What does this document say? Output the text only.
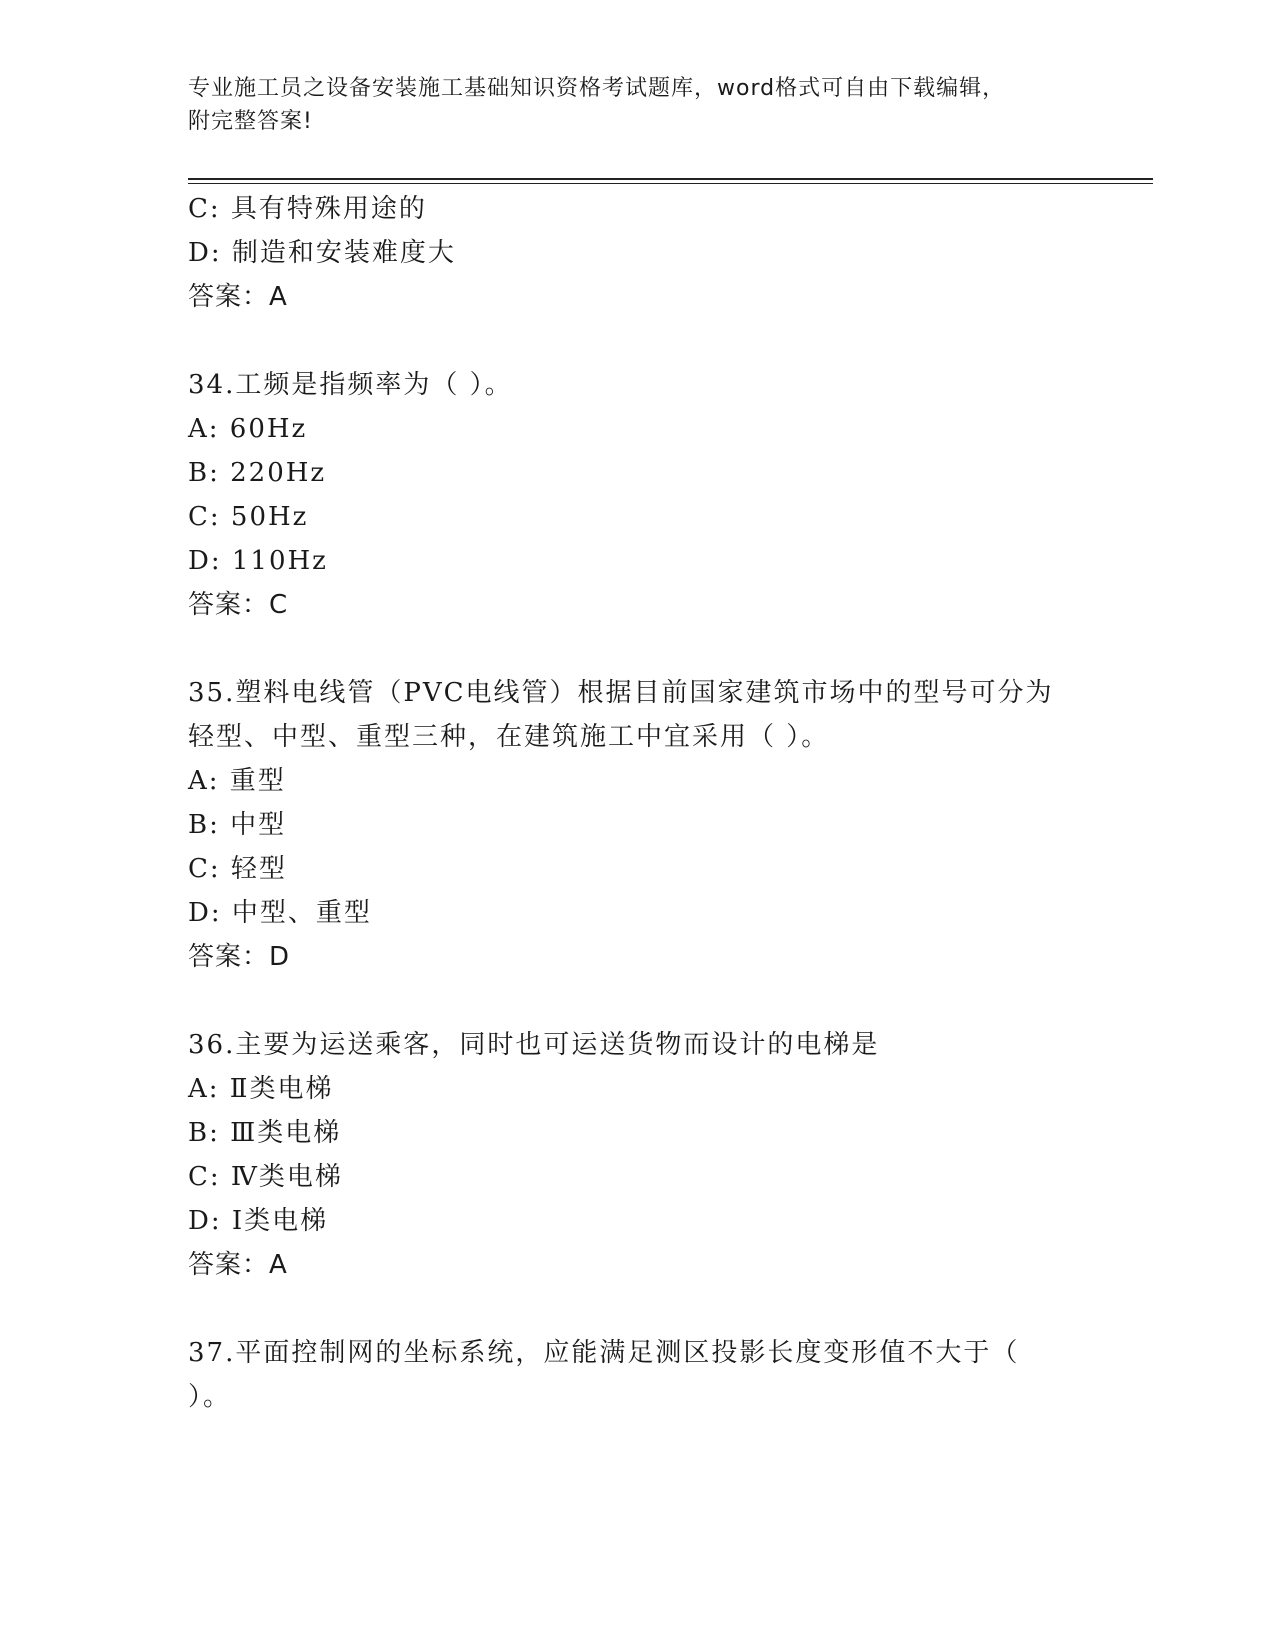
专业施工员之设备安装施工基础知识资格考试题库，word格式可自由下载编辑，
附完整答案!
C: 具有特殊用途的
D: 制造和安装难度大
答案：A
34.工频是指频率为（ ）。
A: 60Hz
B: 220Hz
C: 50Hz
D: 110Hz
答案：C
35.塑料电线管（PVC电线管）根据目前国家建筑市场中的型号可分为
轻型、中型、重型三种，在建筑施工中宜采用（ ）。
A: 重型
B: 中型
C: 轻型
D: 中型、重型
答案：D
36.主要为运送乘客，同时也可运送货物而设计的电梯是
A: Ⅱ类电梯
B: Ⅲ类电梯
C: Ⅳ类电梯
D: Ⅰ类电梯
答案：A
37.平面控制网的坐标系统，应能满足测区投影长度变形值不大于（
）。
